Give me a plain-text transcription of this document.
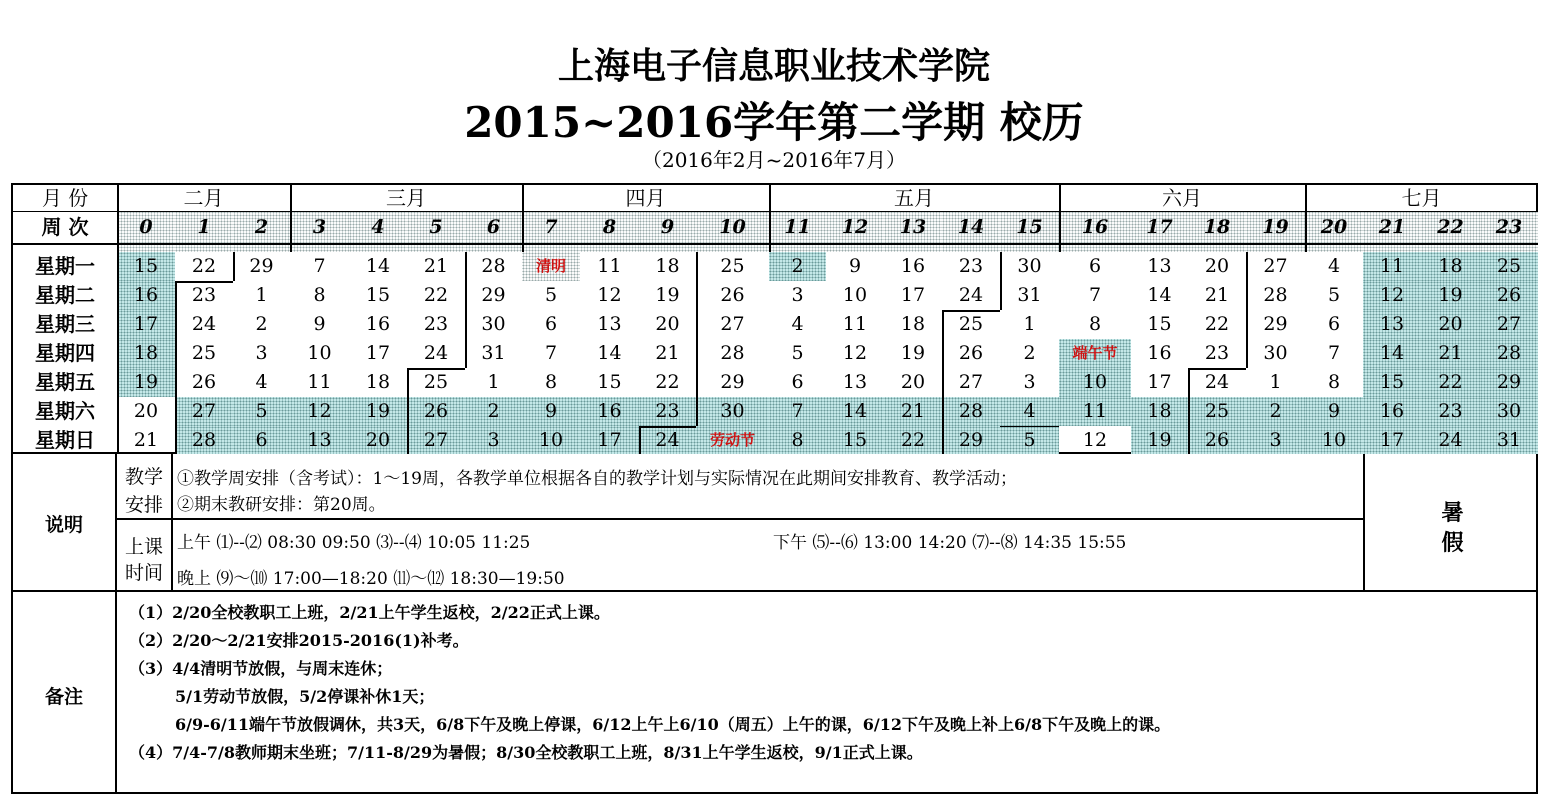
上海电子信息职业技术学院
2015~2016学年第二学期 校历
（2016年2月~2016年7月）
月 份	二月	三月	四月	五月	六月	七月
周 次	0	1	2	3	4	5	6	7	8	9	10	11	12	13	14	15	16	17	18	19	20	21	22	23
星期一	15	22	29	7	14	21	28	清明	11	18	25	2	9	16	23	30	6	13	20	27	4	11	18	25
星期二	16	23	1	8	15	22	29	5	12	19	26	3	10	17	24	31	7	14	21	28	5	12	19	26
星期三	17	24	2	9	16	23	30	6	13	20	27	4	11	18	25	1	8	15	22	29	6	13	20	27
星期四	18	25	3	10	17	24	31	7	14	21	28	5	12	19	26	2	端午节	16	23	30	7	14	21	28
星期五	19	26	4	11	18	25	1	8	15	22	29	6	13	20	27	3	10	17	24	1	8	15	22	29
星期六	20	27	5	12	19	26	2	9	16	23	30	7	14	21	28	4	11	18	25	2	9	16	23	30
星期日	21	28	6	13	20	27	3	10	17	24	劳动节	8	15	22	29	5	12	19	26	3	10	17	24	31
说明
教学
安排
①教学周安排（含考试）：1～19周，各教学单位根据各自的教学计划与实际情况在此期间安排教育、教学活动；
②期末教研安排：第20周。
上课
时间
上午 ⑴--⑵ 08:30 09:50 ⑶--⑷ 10:05 11:25	下午 ⑸--⑹ 13:00 14:20 ⑺--⑻ 14:35 15:55
晚上 ⑼～⑽ 17:00—18:20 ⑾～⑿ 18:30—19:50
暑
假
备注
（1）2/20全校教职工上班，2/21上午学生返校，2/22正式上课。
（2）2/20～2/21安排2015-2016(1)补考。
（3）4/4清明节放假，与周末连休；
5/1劳动节放假，5/2停课补休1天；
6/9-6/11端午节放假调休，共3天，6/8下午及晚上停课，6/12上午上6/10（周五）上午的课，6/12下午及晚上补上6/8下午及晚上的课。
（4）7/4-7/8教师期末坐班；7/11-8/29为暑假；8/30全校教职工上班，8/31上午学生返校，9/1正式上课。
